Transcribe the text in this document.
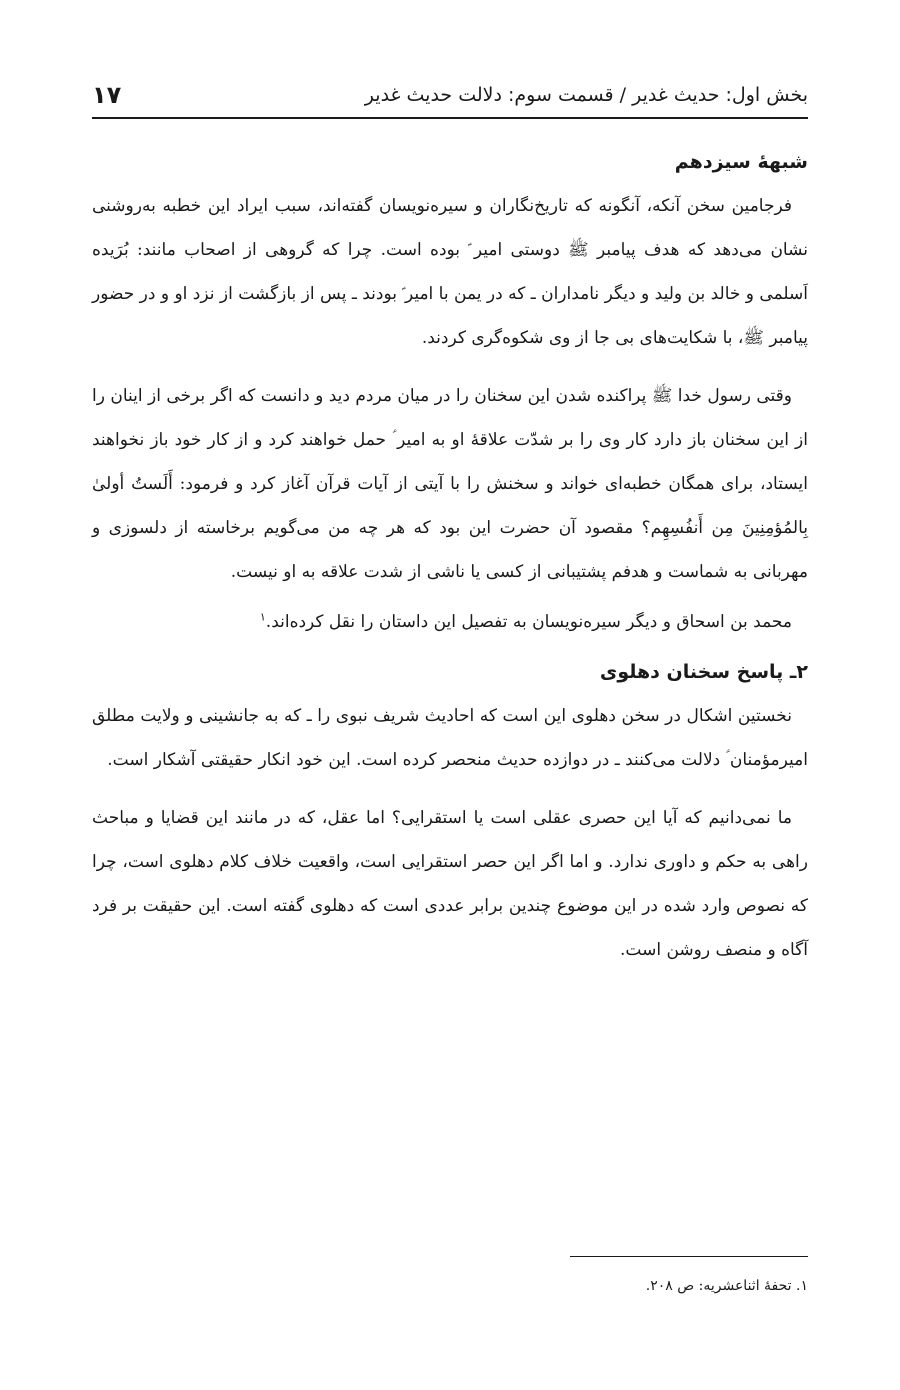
بخش اول: حدیث غدیر / قسمت سوم: دلالت حدیث غدیر
۱۷
شبهۀ سیزدهم

فرجامین سخن آنکه، آنگونه که تاریخ‌نگاران و سیره‌نویسان گفته‌اند، سبب ایراد این خطبه به‌روشنی نشان می‌دهد که هدف پیامبر ﷺ دوستی امیر ؑ بوده است. چرا که گروهی از اصحاب مانند: بُرَیده اَسلمی و خالد بن ولید و دیگر نامداران ـ که در یمن با امیر ؑ بودند ـ پس از بازگشت از نزد او و در حضور پیامبر ﷺ، با شکایت‌های بی جا از وی شکوه‌گری کردند.

وقتی رسول خدا ﷺ پراکنده شدن این سخنان را در میان مردم دید و دانست که اگر برخی از اینان را از این سخنان باز دارد کار وی را بر شدّت علاقۀ او به امیر ؑ حمل خواهند کرد و از کار خود باز نخواهند ایستاد، برای همگان خطبه‌ای خواند و سخنش را با آیتی از آیات قرآن آغاز کرد و فرمود: أَلَستُ أولیٰ بِالمُؤمِنِینَ مِن أَنفُسِهِم؟ مقصود آن حضرت این بود که هر چه من می‌گویم برخاسته از دلسوزی و مهربانی به شماست و هدفم پشتیبانی از کسی یا ناشی از شدت علاقه به او نیست.

محمد بن اسحاق و دیگر سیره‌نویسان به تفصیل این داستان را نقل کرده‌اند.$^۱$

۲ـ پاسخ سخنان دهلوی

نخستین اشکال در سخن دهلوی این است که احادیث شریف نبوی را ـ که به جانشینی و ولایت مطلق امیرمؤمنان ؑ دلالت می‌کنند ـ در دوازده حدیث منحصر کرده است. این خود انکار حقیقتی آشکار است.

ما نمی‌دانیم که آیا این حصری عقلی است یا استقرایی؟ اما عقل، که در مانند این قضایا و مباحث راهی به حکم و داوری ندارد. و اما اگر این حصر استقرایی است، واقعیت خلاف کلام دهلوی است، چرا که نصوص وارد شده در این موضوع چندین برابر عددی است که دهلوی گفته است. این حقیقت بر فرد آگاه و منصف روشن است.

۱. تحفۀ اثناعشریه: ص ۲۰۸.
